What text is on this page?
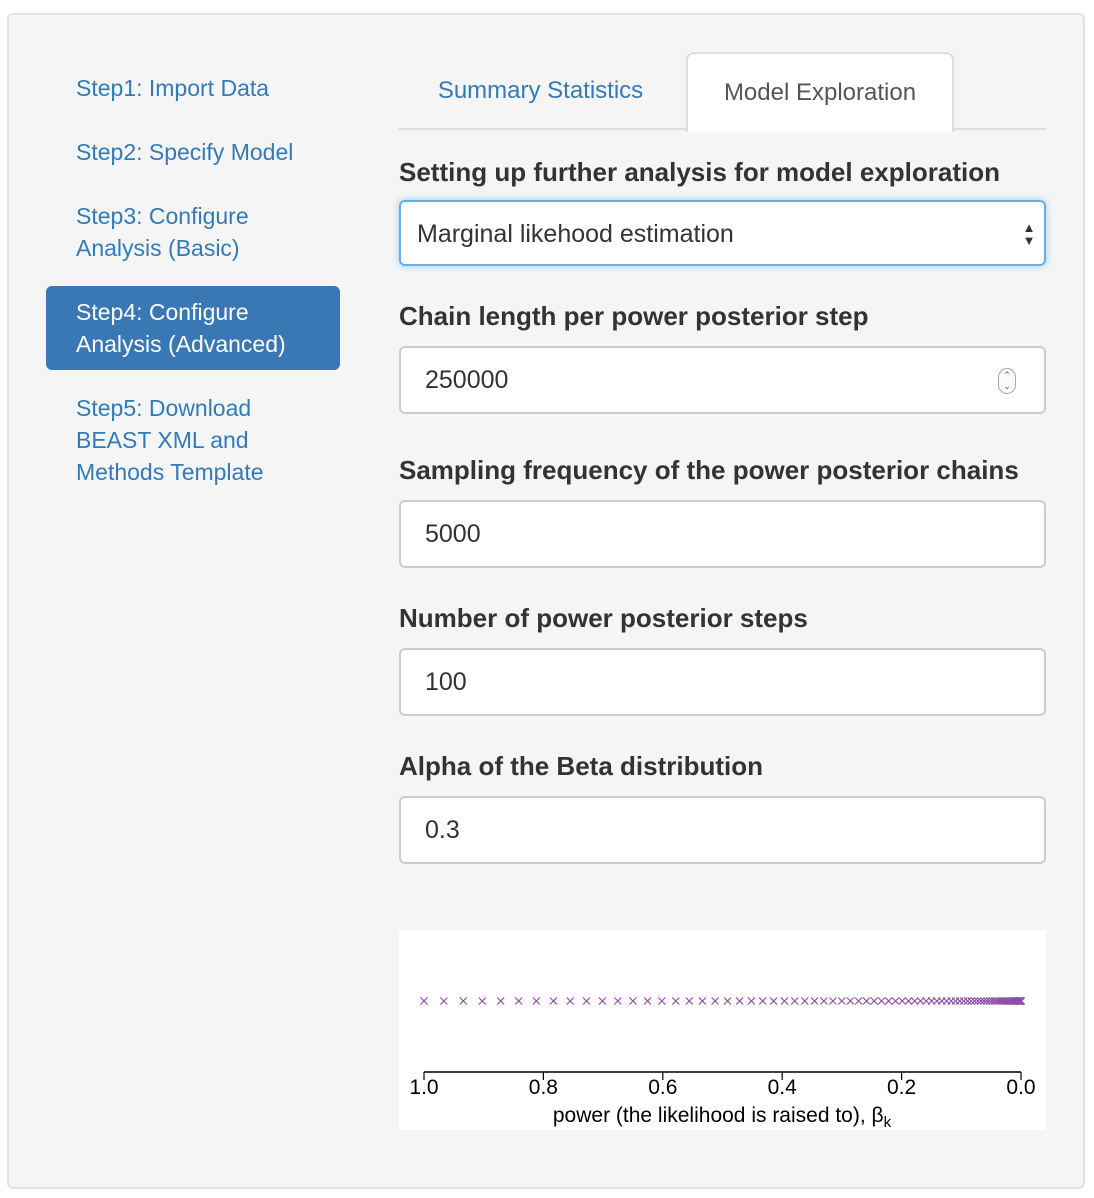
Step1: Import Data
Step2: Specify Model
Step3: Configure Analysis (Basic)
Step4: Configure Analysis (Advanced)
Step5: Download BEAST XML and Methods Template
Summary Statistics	Model Exploration
Setting up further analysis for model exploration
Marginal likehood estimation	▲
▼
Chain length per power posterior step
250000	⌃
⌄
Sampling frequency of the power posterior chains
5000
Number of power posterior steps
100
Alpha of the Beta distribution
0.3
1.0	0.8	0.6	0.4	0.2	0.0
power (the likelihood is raised to), $\beta_k$
